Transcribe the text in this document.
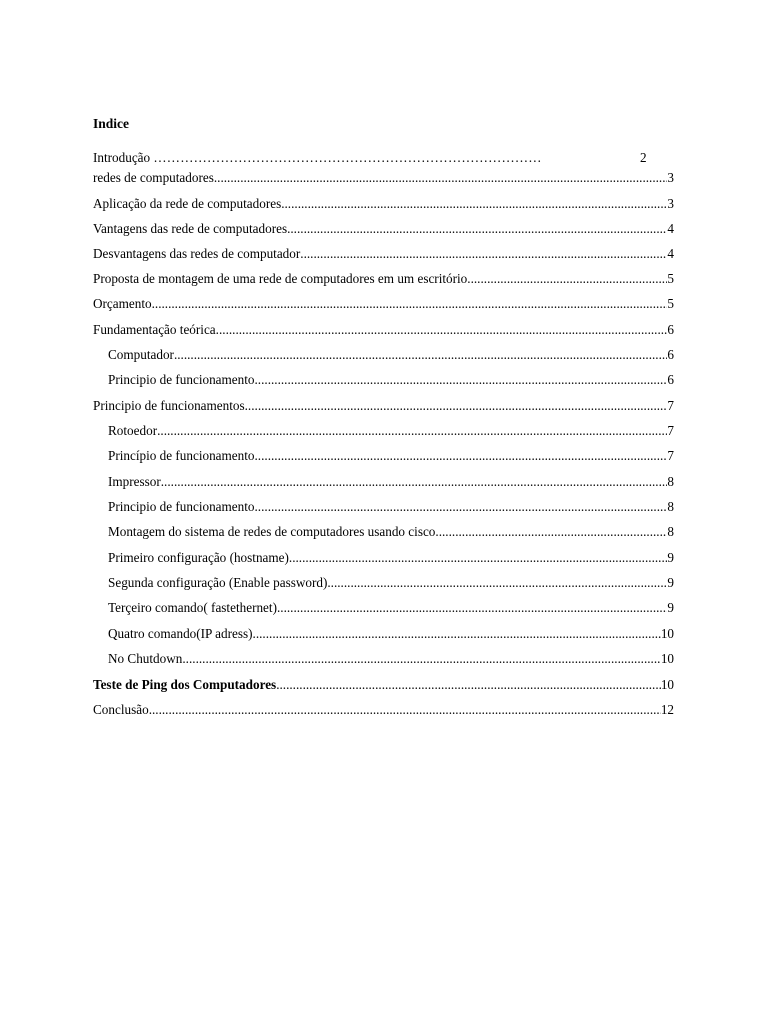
Indice
Introdução ……………………………………………………………………………	2
redes de computadores .....	3
Aplicação da rede de computadores .....	3
Vantagens das rede de computadores .....	4
Desvantagens das redes de computador .....	4
Proposta de montagem de uma rede de computadores em um escritório .....	5
Orçamento .....	5
Fundamentação teórica .....	6
Computador .....	6
Principio de funcionamento .....	6
Principio de funcionamentos .....	7
Rotoedor .....	7
Princípio de funcionamento .....	7
Impressor .....	8
Principio de funcionamento .....	8
Montagem do sistema de redes de computadores usando cisco .....	8
Primeiro configuração (hostname) .....	9
Segunda configuração (Enable password) .....	9
Terçeiro comando( fastethernet) .....	9
Quatro comando(IP adress) .....	10
No Chutdown .....	10
Teste de Ping dos Computadores .....	10
Conclusão .....	12
